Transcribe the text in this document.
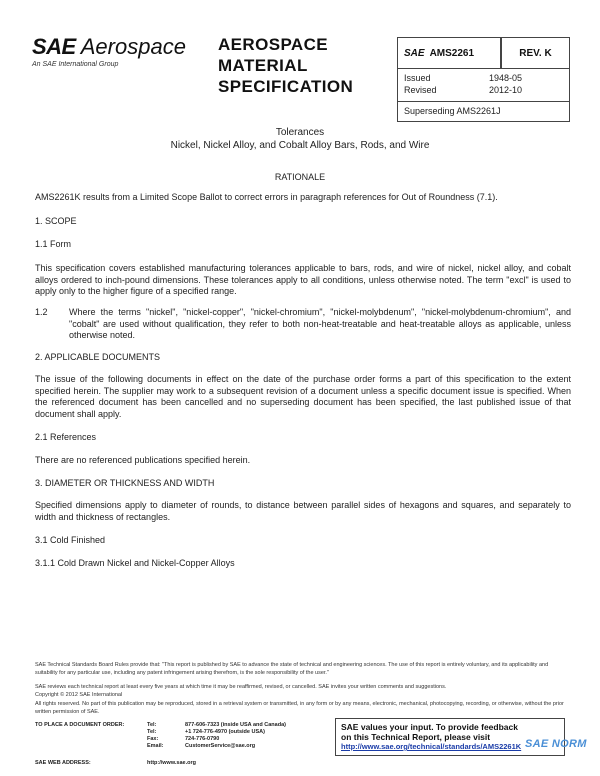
SAE Aerospace
An SAE International Group
AEROSPACE
MATERIAL
SPECIFICATION
SAE AMS2261	REV. K
Issued	1948-05
Revised	2012-10
Superseding AMS2261J
Tolerances
Nickel, Nickel Alloy, and Cobalt Alloy Bars, Rods, and Wire
RATIONALE
AMS2261K results from a Limited Scope Ballot to correct errors in paragraph references for Out of Roundness (7.1).
1. SCOPE
1.1 Form
This specification covers established manufacturing tolerances applicable to bars, rods, and wire of nickel, nickel alloy, and cobalt alloys ordered to inch-pound dimensions. These tolerances apply to all conditions, unless otherwise noted. The term "excl" is used to apply only to the higher figure of a specified range.
1.2	Where the terms "nickel", "nickel-copper", "nickel-chromium", "nickel-molybdenum", "nickel-molybdenum-chromium", and "cobalt" are used without qualification, they refer to both non-heat-treatable and heat-treatable alloys as applicable, unless otherwise noted.
2. APPLICABLE DOCUMENTS
The issue of the following documents in effect on the date of the purchase order forms a part of this specification to the extent specified herein. The supplier may work to a subsequent revision of a document unless a specific document issue is specified. When the referenced document has been cancelled and no superseding document has been specified, the last published issue of that document shall apply.
2.1 References
There are no referenced publications specified herein.
3. DIAMETER OR THICKNESS AND WIDTH
Specified dimensions apply to diameter of rounds, to distance between parallel sides of hexagons and squares, and separately to width and thickness of rectangles.
3.1 Cold Finished
3.1.1 Cold Drawn Nickel and Nickel-Copper Alloys
SAE Technical Standards Board Rules provide that: "This report is published by SAE to advance the state of technical and engineering sciences. The use of this report is entirely voluntary, and its applicability and suitability for any particular use, including any patent infringement arising therefrom, is the sole responsibility of the user."
SAE reviews each technical report at least every five years at which time it may be reaffirmed, revised, or cancelled. SAE invites your written comments and suggestions.
Copyright © 2012 SAE International
All rights reserved. No part of this publication may be reproduced, stored in a retrieval system or transmitted, in any form or by any means, electronic, mechanical, photocopying, recording, or otherwise, without the prior written permission of SAE.
TO PLACE A DOCUMENT ORDER:	Tel:	877-606-7323 (inside USA and Canada)
Tel:	+1 724-776-4970 (outside USA)
Fax:	724-776-0790
Email:	CustomerService@sae.org
SAE WEB ADDRESS:	http://www.sae.org
SAE values your input. To provide feedback
on this Technical Report, please visit
http://www.sae.org/technical/standards/AMS2261K SAE NORM
